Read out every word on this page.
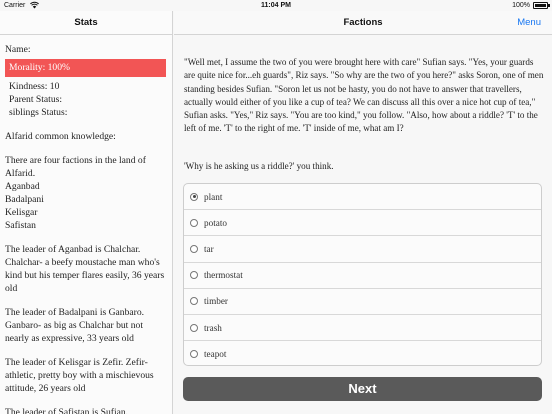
Carrier	11:04 PM	100%
Stats
Name:
Morality: 100%
Kindness: 10
Parent Status:
siblings Status:
Alfarid common knowledge:
There are four factions in the land of Alfarid.
Aganbad
Badalpani
Kelisgar
Safistan
The leader of Aganbad is Chalchar. Chalchar- a beefy moustache man who's kind but his temper flares easily, 36 years old
The leader of Badalpani is Ganbaro. Ganbaro- as big as Chalchar but not nearly as expressive, 33 years old
The leader of Kelisgar is Zefir. Zefir- athletic, pretty boy with a mischievous attitude, 26 years old
The leader of Safistan is Sufian.
Factions	Menu

"Well met, I assume the two of you were brought here with care" Sufian says. "Yes, your guards are quite nice for...eh guards", Riz says. "So why are the two of you here?" asks Soron, one of men standing besides Sufian. "Soron let us not be hasty, you do not have to answer that travellers, actually would either of you like a cup of tea? We can discuss all this over a nice hot cup of tea," Sufian asks. "Yes," Riz says. "You are too kind," you follow. "Also, how about a riddle? 'T' to the left of me. 'T' to the right of me. 'T' inside of me, what am I?

'Why is he asking us a riddle?' you think.

plant
potato
tar
thermostat
timber
trash
teapot
Next
